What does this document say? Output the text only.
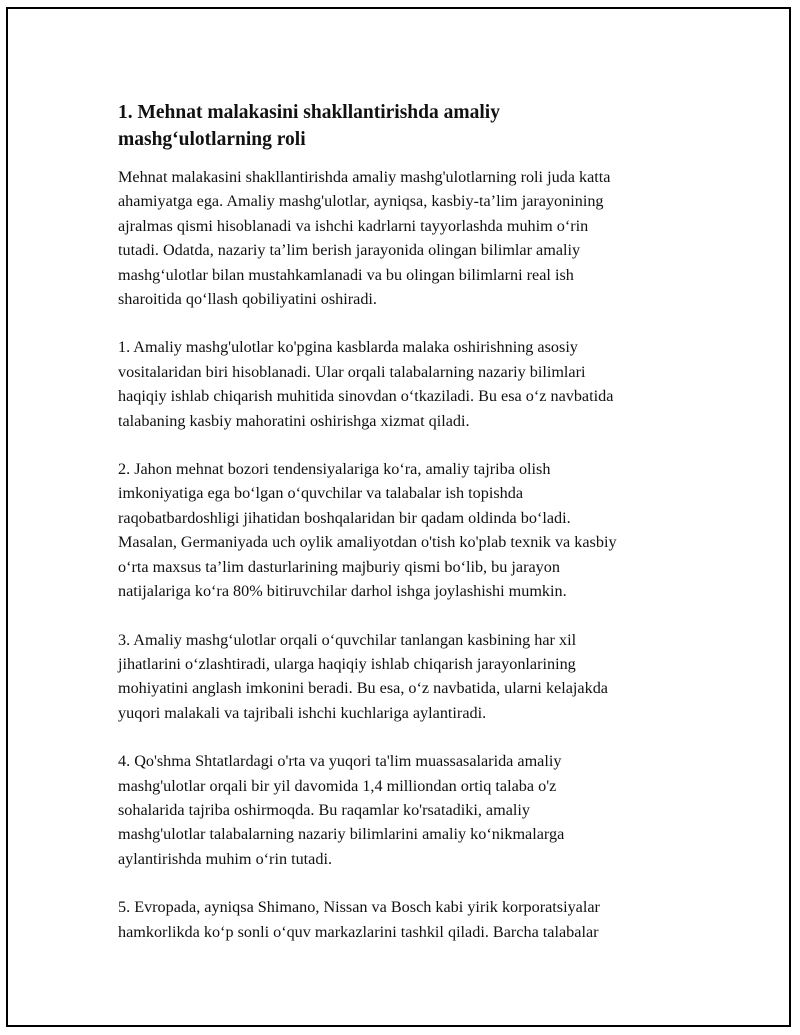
1. Mehnat malakasini shakllantirishda amaliy
mashg‘ulotlarning roli

Mehnat malakasini shakllantirishda amaliy mashg'ulotlarning roli juda katta
ahamiyatga ega. Amaliy mashg'ulotlar, ayniqsa, kasbiy-ta’lim jarayonining
ajralmas qismi hisoblanadi va ishchi kadrlarni tayyorlashda muhim o‘rin
tutadi. Odatda, nazariy ta’lim berish jarayonida olingan bilimlar amaliy
mashg‘ulotlar bilan mustahkamlanadi va bu olingan bilimlarni real ish
sharoitida qo‘llash qobiliyatini oshiradi.

1. Amaliy mashg'ulotlar ko'pgina kasblarda malaka oshirishning asosiy
vositalaridan biri hisoblanadi. Ular orqali talabalarning nazariy bilimlari
haqiqiy ishlab chiqarish muhitida sinovdan o‘tkaziladi. Bu esa o‘z navbatida
talabaning kasbiy mahoratini oshirishga xizmat qiladi.

2. Jahon mehnat bozori tendensiyalariga ko‘ra, amaliy tajriba olish
imkoniyatiga ega bo‘lgan o‘quvchilar va talabalar ish topishda
raqobatbardoshligi jihatidan boshqalaridan bir qadam oldinda bo‘ladi.
Masalan, Germaniyada uch oylik amaliyotdan o'tish ko'plab texnik va kasbiy
o‘rta maxsus ta’lim dasturlarining majburiy qismi bo‘lib, bu jarayon
natijalariga ko‘ra 80% bitiruvchilar darhol ishga joylashishi mumkin.

3. Amaliy mashg‘ulotlar orqali o‘quvchilar tanlangan kasbining har xil
jihatlarini o‘zlashtiradi, ularga haqiqiy ishlab chiqarish jarayonlarining
mohiyatini anglash imkonini beradi. Bu esa, o‘z navbatida, ularni kelajakda
yuqori malakali va tajribali ishchi kuchlariga aylantiradi.

4. Qo'shma Shtatlardagi o'rta va yuqori ta'lim muassasalarida amaliy
mashg'ulotlar orqali bir yil davomida 1,4 milliondan ortiq talaba o'z
sohalarida tajriba oshirmoqda. Bu raqamlar ko'rsatadiki, amaliy
mashg'ulotlar talabalarning nazariy bilimlarini amaliy ko‘nikmalarga
aylantirishda muhim o‘rin tutadi.

5. Evropada, ayniqsa Shimano, Nissan va Bosch kabi yirik korporatsiyalar
hamkorlikda ko‘p sonli o‘quv markazlarini tashkil qiladi. Barcha talabalar
